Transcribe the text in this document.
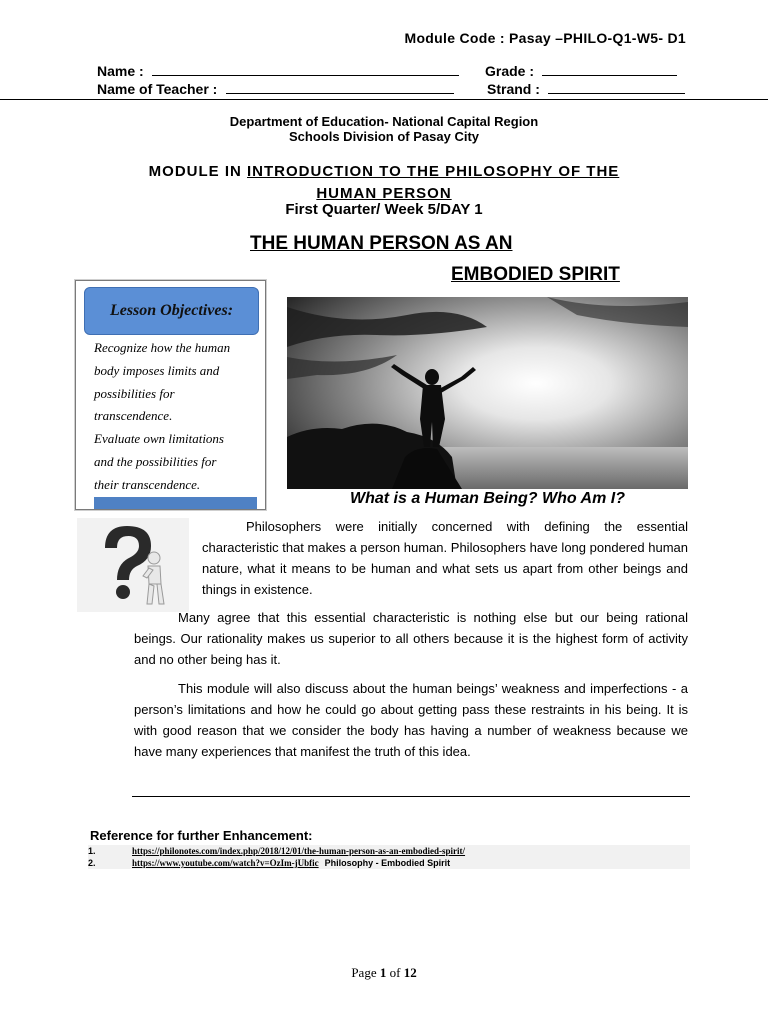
Module Code : Pasay –PHILO-Q1-W5- D1
Name :	Grade :
Name of Teacher :	Strand :
Department of Education- National Capital Region
Schools Division of Pasay City
MODULE IN INTRODUCTION TO THE PHILOSOPHY OF THE
HUMAN PERSON
First Quarter/ Week 5/DAY 1
THE HUMAN PERSON AS AN
EMBODIED SPIRIT
Lesson Objectives:
Recognize how the human
body imposes limits and
possibilities for
transcendence.
Evaluate own limitations
and the possibilities for
their transcendence.
What is a Human Being? Who Am I?
Philosophers were initially concerned with defining the essential characteristic that makes a person human. Philosophers have long pondered human nature, what it means to be human and what sets us apart from other beings and things in existence.
Many agree that this essential characteristic is nothing else but our being rational beings. Our rationality makes us superior to all others because it is the highest form of activity and no other being has it.
This module will also discuss about the human beings’ weakness and imperfections - a person’s limitations and how he could go about getting pass these restraints in his being. It is with good reason that we consider the body has having a number of weakness because we have many experiences that manifest the truth of this idea.
Reference for further Enhancement:
1.	https://philonotes.com/index.php/2018/12/01/the-human-person-as-an-embodied-spirit/
2.	https://www.youtube.com/watch?v=OzIm-jUbfic Philosophy - Embodied Spirit
Page 1 of 12
